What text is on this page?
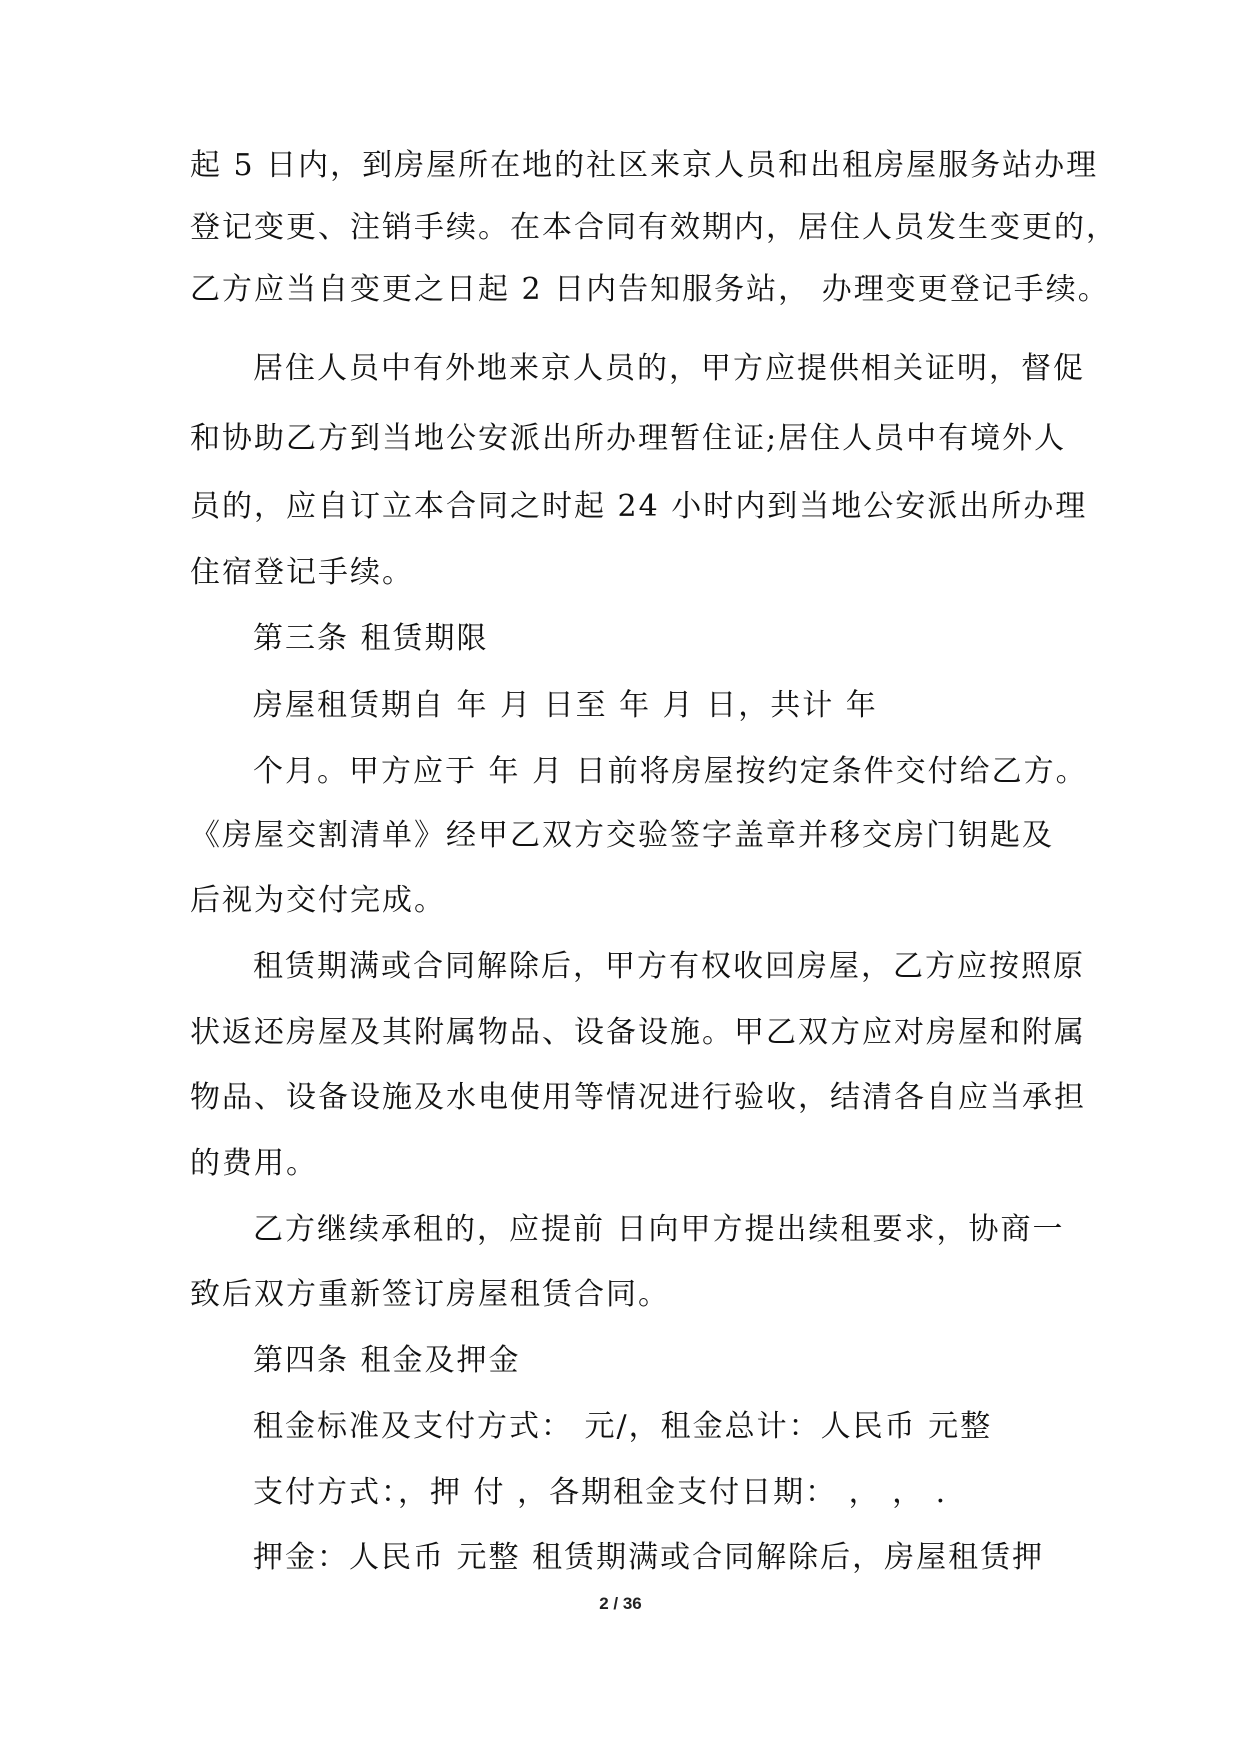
起 5 日内，到房屋所在地的社区来京人员和出租房屋服务站办理
登记变更、注销手续。在本合同有效期内，居住人员发生变更的，
乙方应当自变更之日起 2 日内告知服务站， 办理变更登记手续。
居住人员中有外地来京人员的，甲方应提供相关证明，督促
和协助乙方到当地公安派出所办理暂住证;居住人员中有境外人
员的，应自订立本合同之时起 24 小时内到当地公安派出所办理
住宿登记手续。
第三条 租赁期限
房屋租赁期自 年 月 日至 年 月 日，共计 年
个月。甲方应于 年 月 日前将房屋按约定条件交付给乙方。
《房屋交割清单》经甲乙双方交验签字盖章并移交房门钥匙及
后视为交付完成。
租赁期满或合同解除后，甲方有权收回房屋，乙方应按照原
状返还房屋及其附属物品、设备设施。甲乙双方应对房屋和附属
物品、设备设施及水电使用等情况进行验收，结清各自应当承担
的费用。
乙方继续承租的，应提前 日向甲方提出续租要求，协商一
致后双方重新签订房屋租赁合同。
第四条 租金及押金
租金标准及支付方式： 元/，租金总计：人民币 元整
支付方式：，押 付 ，各期租金支付日期： ， ， .
押金：人民币 元整 租赁期满或合同解除后，房屋租赁押
2 / 36
